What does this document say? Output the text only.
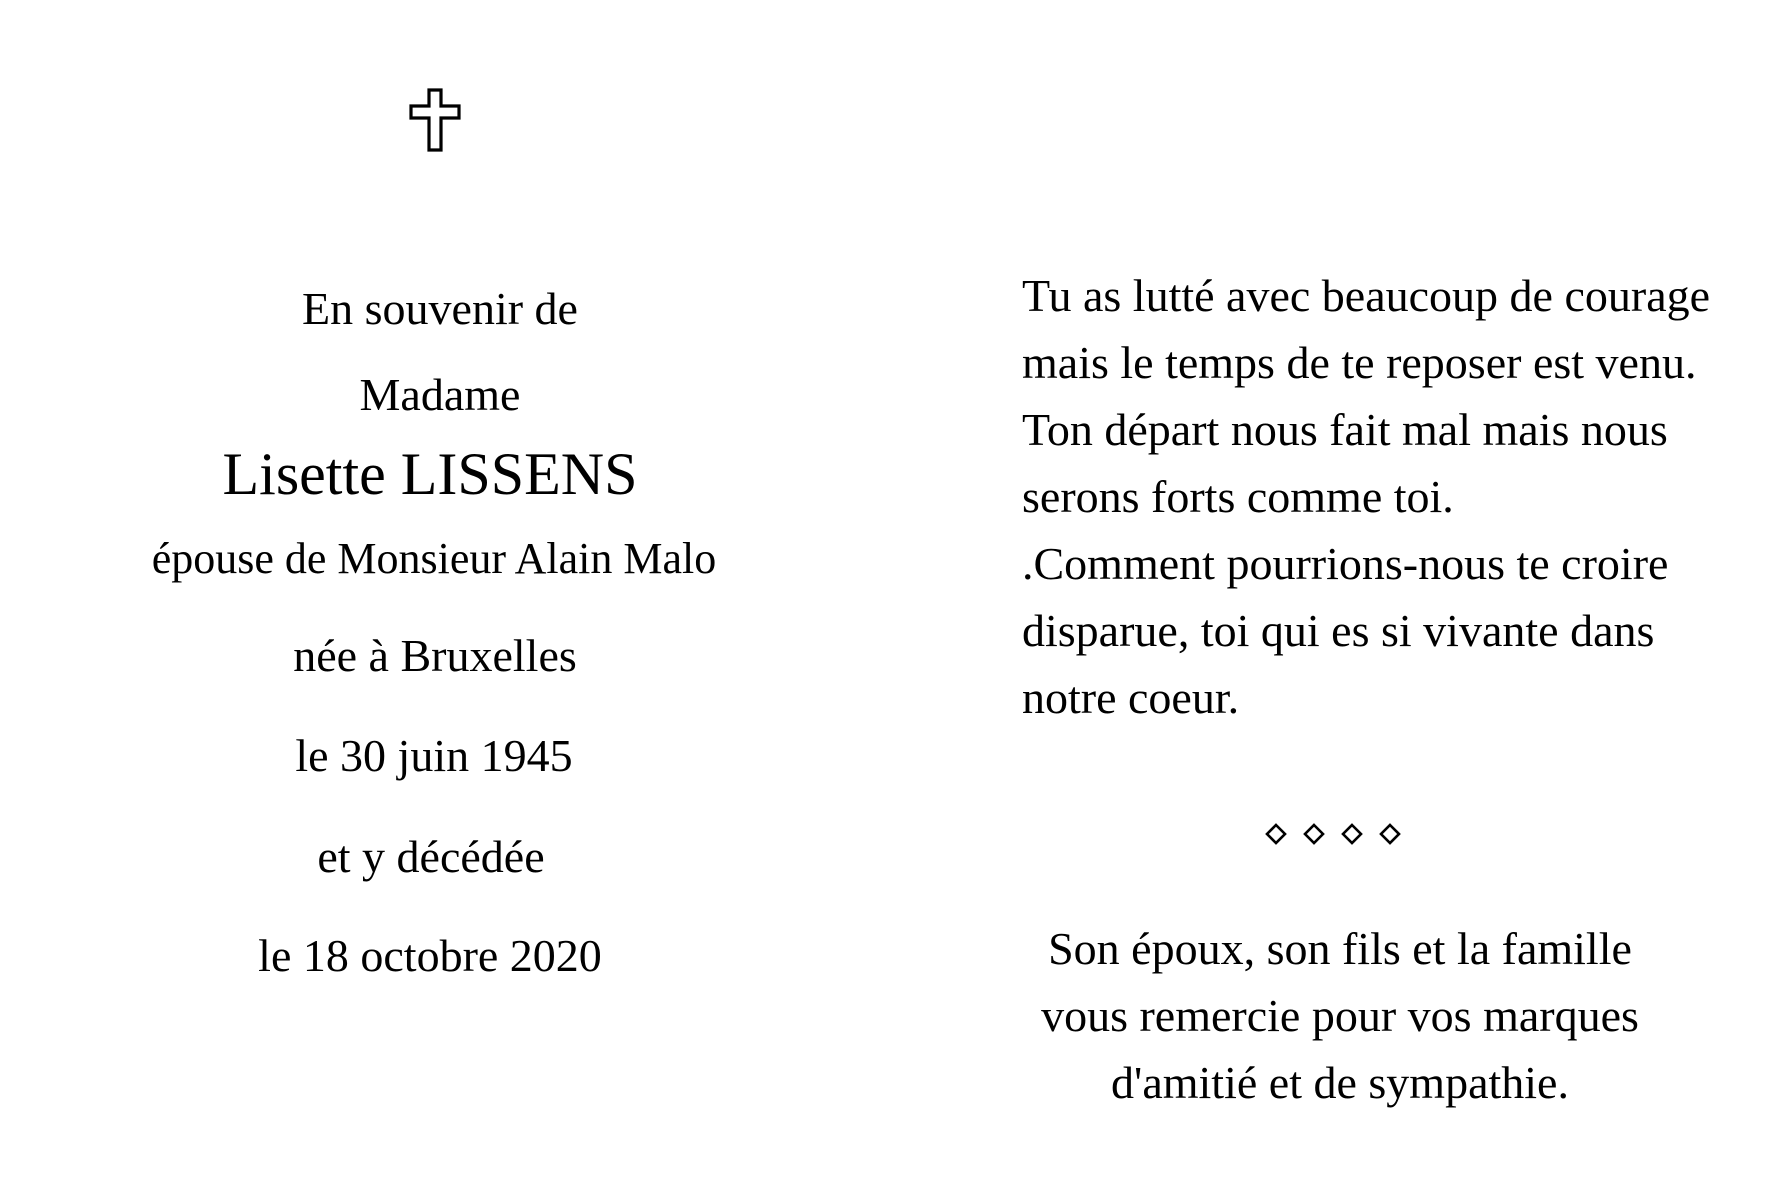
En souvenir de
Madame
Lisette LISSENS
épouse de Monsieur Alain Malo
née à Bruxelles
le 30 juin 1945
et y décédée
le 18 octobre 2020
Tu as lutté avec beaucoup de courage
mais le temps de te reposer est venu.
Ton départ nous fait mal mais nous
serons forts comme toi.
.Comment pourrions-nous te croire
disparue, toi qui es si vivante dans
notre coeur.
Son époux, son fils et la famille
vous remercie pour vos marques
d'amitié et de sympathie.
